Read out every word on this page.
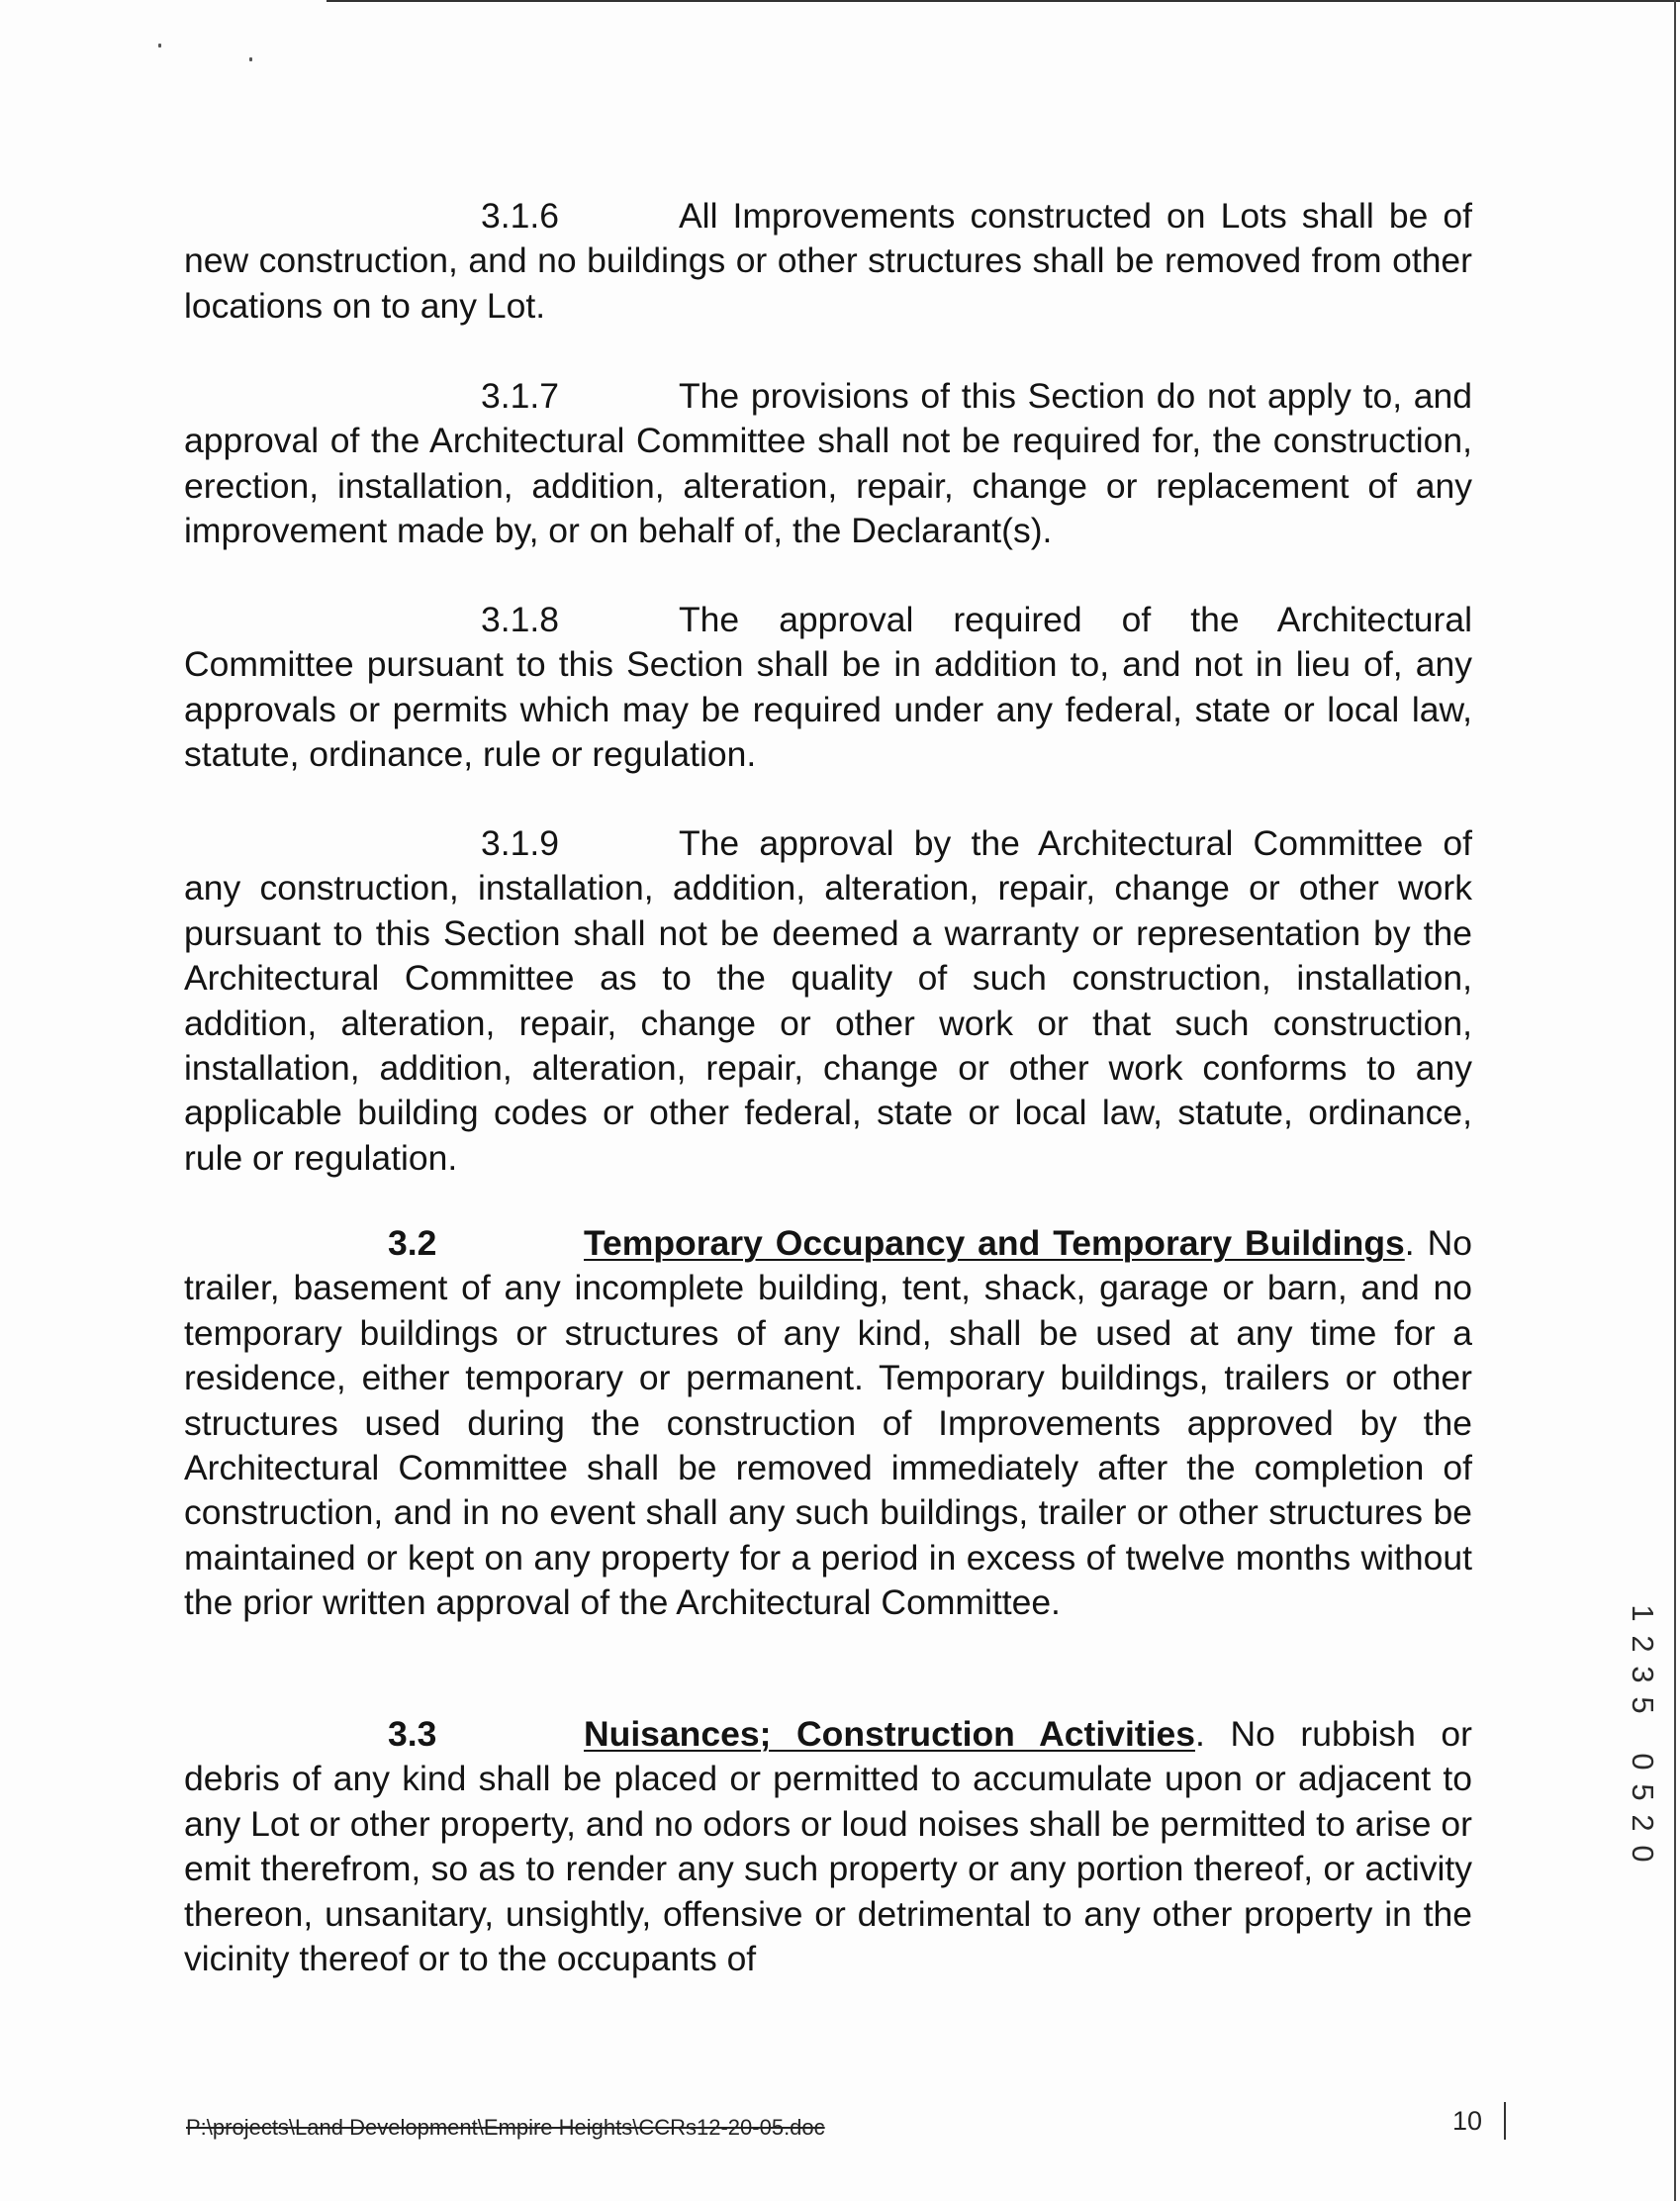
3.1.6	All Improvements constructed on Lots shall be of new construction, and no buildings or other structures shall be removed from other locations on to any Lot.

3.1.7	The provisions of this Section do not apply to, and approval of the Architectural Committee shall not be required for, the construction, erection, installation, addition, alteration, repair, change or replacement of any improvement made by, or on behalf of, the Declarant(s).

3.1.8	The approval required of the Architectural Committee pursuant to this Section shall be in addition to, and not in lieu of, any approvals or permits which may be required under any federal, state or local law, statute, ordinance, rule or regulation.

3.1.9	The approval by the Architectural Committee of any construction, installation, addition, alteration, repair, change or other work pursuant to this Section shall not be deemed a warranty or representation by the Architectural Committee as to the quality of such construction, installation, addition, alteration, repair, change or other work or that such construction, installation, addition, alteration, repair, change or other work conforms to any applicable building codes or other federal, state or local law, statute, ordinance, rule or regulation.

3.2	Temporary Occupancy and Temporary Buildings. No trailer, basement of any incomplete building, tent, shack, garage or barn, and no temporary buildings or structures of any kind, shall be used at any time for a residence, either temporary or permanent. Temporary buildings, trailers or other structures used during the construction of Improvements approved by the Architectural Committee shall be removed immediately after the completion of construction, and in no event shall any such buildings, trailer or other structures be maintained or kept on any property for a period in excess of twelve months without the prior written approval of the Architectural Committee.

3.3	Nuisances; Construction Activities. No rubbish or debris of any kind shall be placed or permitted to accumulate upon or adjacent to any Lot or other property, and no odors or loud noises shall be permitted to arise or emit therefrom, so as to render any such property or any portion thereof, or activity thereon, unsanitary, unsightly, offensive or detrimental to any other property in the vicinity thereof or to the occupants of

1
2
3
5
0
5
2
0
P:\projects\Land Development\Empire Heights\CCRs12-20-05.doc	10
